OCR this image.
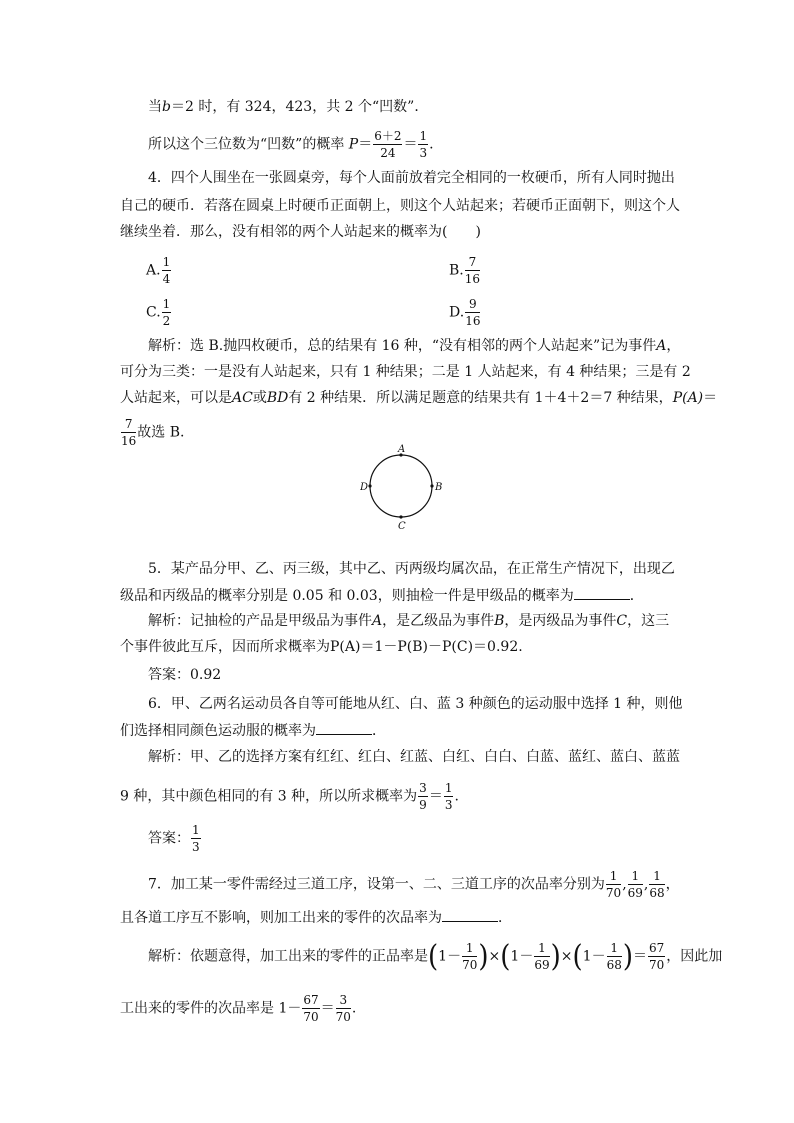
当b＝2 时，有 324，423，共 2 个“凹数”．
所以这个三位数为“凹数”的概率 $P= \frac{6+2}{24} = \frac{1}{3}$ .
4．四个人围坐在一张圆桌旁，每个人面前放着完全相同的一枚硬币，所有人同时抛出
自己的硬币．若落在圆桌上时硬币正面朝上，则这个人站起来；若硬币正面朝下，则这个人
继续坐着．那么，没有相邻的两个人站起来的概率为(　　)
A. $\frac{1}{4}$	B. $\frac{7}{16}$
C. $\frac{1}{2}$	D. $\frac{9}{16}$
解析：选 B.抛四枚硬币，总的结果有 16 种，“没有相邻的两个人站起来”记为事件A，
可分为三类：一是没有人站起来，只有 1 种结果；二是 1 人站起来，有 4 种结果；三是有 2
人站起来，可以是AC或BD有 2 种结果．所以满足题意的结果共有 1＋4＋2＝7 种结果，P(A)＝
$\frac{7}{16}$ 故选 B.
A
B
C
D
5．某产品分甲、乙、丙三级，其中乙、丙两级均属次品，在正常生产情况下，出现乙
级品和丙级品的概率分别是 0.05 和 0.03，则抽检一件是甲级品的概率为	．
解析：记抽检的产品是甲级品为事件A，是乙级品为事件B，是丙级品为事件C，这三
个事件彼此互斥，因而所求概率为P(A)＝1－P(B)－P(C)＝0.92.
答案：0.92
6．甲、乙两名运动员各自等可能地从红、白、蓝 3 种颜色的运动服中选择 1 种，则他
们选择相同颜色运动服的概率为	．
解析：甲、乙的选择方案有红红、红白、红蓝、白红、白白、白蓝、蓝红、蓝白、蓝蓝
9 种，其中颜色相同的有 3 种，所以所求概率为 $\frac{3}{9} = \frac{1}{3}$ .
答案： $\frac{1}{3}$
7．加工某一零件需经过三道工序，设第一、二、三道工序的次品率分别为 $\frac{1}{70}$ , $\frac{1}{69}$ , $\frac{1}{68}$ ，
且各道工序互不影响，则加工出来的零件的次品率为	．
解析：依题意得，加工出来的零件的正品率是$(1- \frac{1}{70} )\times(1- \frac{1}{69} )\times(1- \frac{1}{68}$ )＝ $\frac{67}{70}$ ，因此加
工出来的零件的次品率是 $1- \frac{67}{70} = \frac{3}{70}$ .
